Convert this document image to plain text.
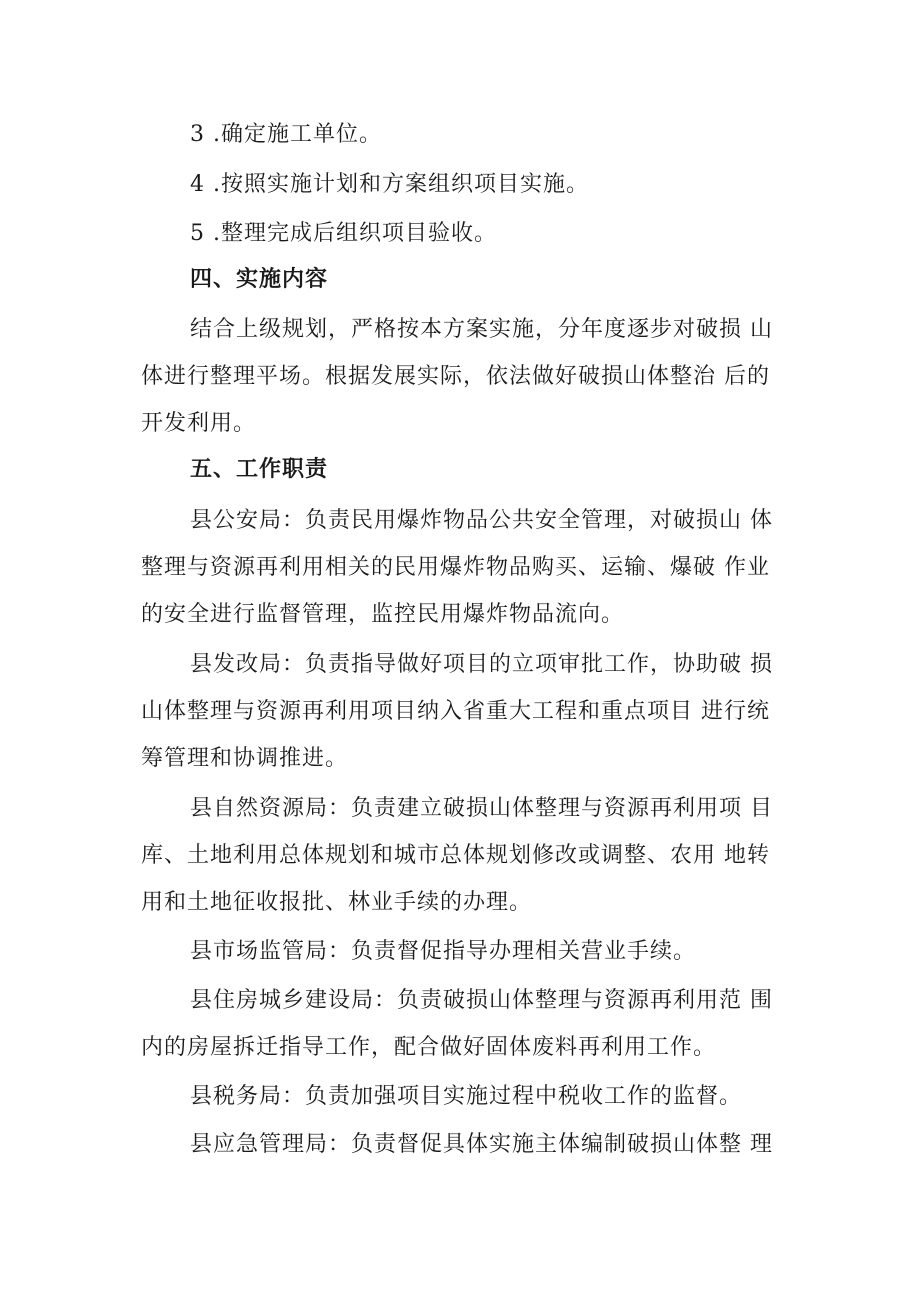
3 .确定施工单位。
4 .按照实施计划和方案组织项目实施。
5 .整理完成后组织项目验收。
四、实施内容
结合上级规划，严格按本方案实施，分年度逐步对破损 山
体进行整理平场。根据发展实际，依法做好破损山体整治 后的
开发利用。
五、工作职责
县公安局：负责民用爆炸物品公共安全管理，对破损山 体
整理与资源再利用相关的民用爆炸物品购买、运输、爆破 作业
的安全进行监督管理，监控民用爆炸物品流向。
县发改局：负责指导做好项目的立项审批工作，协助破 损
山体整理与资源再利用项目纳入省重大工程和重点项目 进行统
筹管理和协调推进。
县自然资源局：负责建立破损山体整理与资源再利用项 目
库、土地利用总体规划和城市总体规划修改或调整、农用 地转
用和土地征收报批、林业手续的办理。
县市场监管局：负责督促指导办理相关营业手续。
县住房城乡建设局：负责破损山体整理与资源再利用范 围
内的房屋拆迁指导工作，配合做好固体废料再利用工作。
县税务局：负责加强项目实施过程中税收工作的监督。
县应急管理局：负责督促具体实施主体编制破损山体整 理
